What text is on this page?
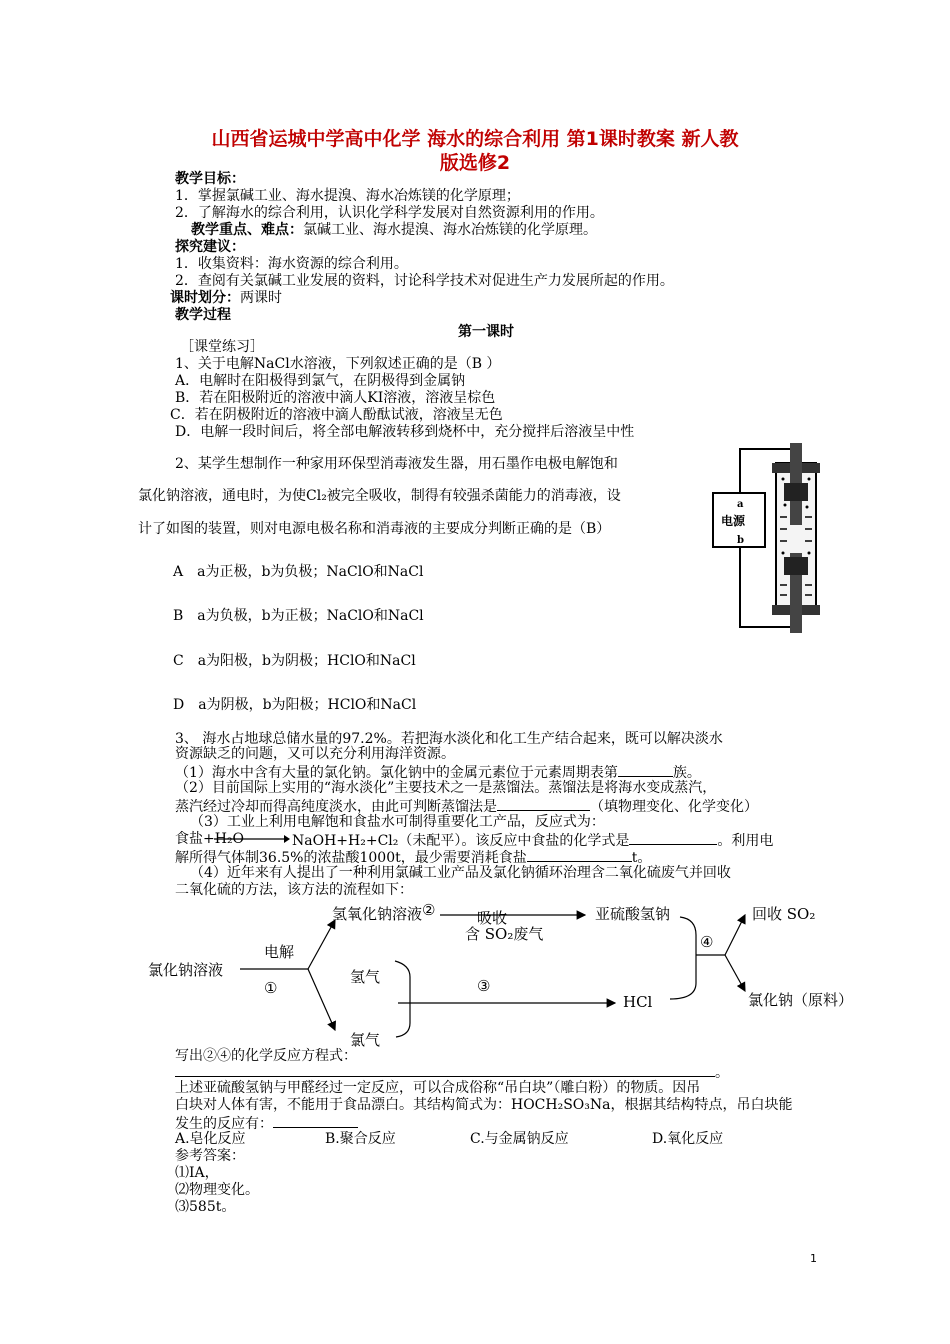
山西省运城中学高中化学 海水的综合利用 第1课时教案 新人教
版选修2
教学目标：
1．掌握氯碱工业、海水提溴、海水冶炼镁的化学原理；
2．了解海水的综合利用，认识化学科学发展对自然资源利用的作用。
教学重点、难点：氯碱工业、海水提溴、海水冶炼镁的化学原理。
探究建议：
1．收集资料：海水资源的综合利用。
2．查阅有关氯碱工业发展的资料，讨论科学技术对促进生产力发展所起的作用。
课时划分：两课时
教学过程
第一课时
［课堂练习］
1、关于电解NaCl水溶液，下列叙述正确的是（B ）
A．电解时在阳极得到氯气，在阴极得到金属钠
B．若在阳极附近的溶液中滴人KI溶液，溶液呈棕色
C．若在阴极附近的溶液中滴人酚酞试液，溶液呈无色
D．电解一段时间后，将全部电解液转移到烧杯中，充分搅拌后溶液呈中性
2、某学生想制作一种家用环保型消毒液发生器，用石墨作电极电解饱和
氯化钠溶液，通电时，为使Cl₂被完全吸收，制得有较强杀菌能力的消毒液，设
计了如图的装置，则对电源电极名称和消毒液的主要成分判断正确的是（B）
A　a为正极，b为负极；NaClO和NaCl
B　a为负极，b为正极；NaClO和NaCl
C　a为阳极，b为阴极；HClO和NaCl
D　a为阴极，b为阳极；HClO和NaCl
a
电源
b
3、 海水占地球总储水量的97.2%。若把海水淡化和化工生产结合起来，既可以解决淡水
资源缺乏的问题，又可以充分利用海洋资源。
（1）海水中含有大量的氯化钠。氯化钠中的金属元素位于元素周期表第	族。
（2）目前国际上实用的“海水淡化”主要技术之一是蒸馏法。蒸馏法是将海水变成蒸汽，
蒸汽经过冷却而得高纯度淡水，由此可判断蒸馏法是	（填物理变化、化学变化）
（3）工业上利用电解饱和食盐水可制得重要化工产品，反应式为：
食盐+H₂O	NaOH+H₂+Cl₂（未配平）。该反应中食盐的化学式是	。利用电
解所得气体制36.5%的浓盐酸1000t，最少需要消耗食盐	t。
（4）近年来有人提出了一种利用氯碱工业产品及氯化钠循环治理含二氧化硫废气并回收
二氧化硫的方法，该方法的流程如下：
氯化钠溶液
电解
①
氢氧化钠溶液 ②	吸收
含 SO₂废气
亚硫酸氢钠
氢气	③
HCl
氯气
④
回收 SO₂
氯化钠（原料）
写出②④的化学反应方程式：
。
上述亚硫酸氢钠与甲醛经过一定反应，可以合成俗称“吊白块”（雕白粉）的物质。因吊
白块对人体有害，不能用于食品漂白。其结构简式为：HOCH₂SO₃Na，根据其结构特点，吊白块能
发生的反应有：
A.皂化反应	B.聚合反应	C.与金属钠反应	D.氧化反应
参考答案：
⑴ⅠA，
⑵物理变化。
⑶585t。
1
